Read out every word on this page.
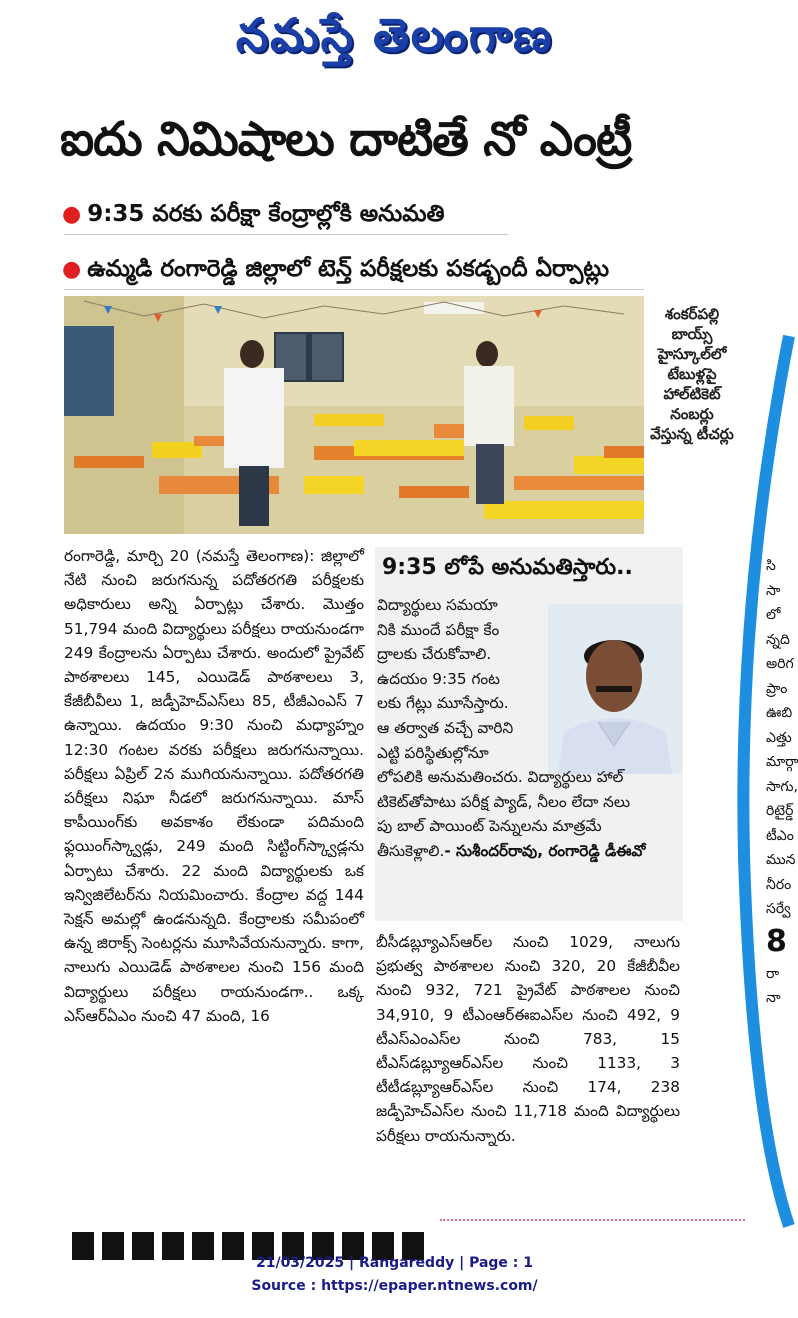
నమస్తే తెలంగాణ
ఐదు నిమిషాలు దాటితే నో ఎంట్రీ
● 9:35 వరకు పరీక్షా కేంద్రాల్లోకి అనుమతి
● ఉమ్మడి రంగారెడ్డి జిల్లాలో టెన్త్ పరీక్షలకు పకడ్బందీ ఏర్పాట్లు
శంకర్‌పల్లి బాయ్స్ హైస్కూల్‌లో టేబుళ్లపై హాల్‌టికెట్ నంబర్లు వేస్తున్న టీచర్లు

రంగారెడ్డి, మార్చి 20 (నమస్తే తెలంగాణ): జిల్లాలో నేటి నుంచి జరుగనున్న పదోతరగతి పరీక్షలకు అధికారులు అన్ని ఏర్పాట్లు చేశారు. మొత్తం 51,794 మంది విద్యార్థులు పరీక్షలు రాయనుండగా 249 కేంద్రాలను ఏర్పాటు చేశారు. అందులో ప్రైవేట్ పాఠశాలలు 145, ఎయిడెడ్ పాఠశాలలు 3, కేజీబీవీలు 1, జడ్పీహెచ్‌ఎస్‌లు 85, టీజీఎంఎస్ 7 ఉన్నాయి. ఉదయం 9:30 నుంచి మధ్యాహ్నం 12:30 గంటల వరకు పరీక్షలు జరుగనున్నాయి. పరీక్షలు ఏప్రిల్ 2న ముగియనున్నాయి. పదోతరగతి పరీక్షలు నిఘా నీడలో జరుగనున్నాయి. మాస్ కాపీయింగ్‌కు అవకాశం లేకుండా పదిమంది ఫ్లయింగ్‌స్క్వాడ్లు, 249 మంది సిట్టింగ్‌స్క్వాడ్లను ఏర్పాటు చేశారు. 22 మంది విద్యార్థులకు ఒక ఇన్విజిలేటర్‌ను నియమించారు. కేంద్రాల వద్ద 144 సెక్షన్ అమల్లో ఉండనున్నది. కేంద్రాలకు సమీపంలో ఉన్న జిరాక్స్ సెంటర్లను మూసివేయనున్నారు. కాగా, నాలుగు ఎయిడెడ్ పాఠశాలల నుంచి 156 మంది విద్యార్థులు పరీక్షలు రాయనుండగా.. ఒక్క ఎస్‌ఆర్‌ఏఎం నుంచి 47 మంది, 16

9:35 లోపే అనుమతిస్తారు..
విద్యార్థులు సమయా
నికి ముందే పరీక్షా కేం
ద్రాలకు చేరుకోవాలి.
ఉదయం 9:35 గంట
లకు గేట్లు మూసేస్తారు.
ఆ తర్వాత వచ్చే వారిని
ఎట్టి పరిస్థితుల్లోనూ
లోపలికి అనుమతించరు. విద్యార్థులు హాల్
టికెట్‌తోపాటు పరీక్ష ప్యాడ్, నీలం లేదా నలు
పు బాల్ పాయింట్ పెన్నులను మాత్రమే
తీసుకెళ్లాలి.- సుశీందర్‌రావు, రంగారెడ్డి డీఈవో

బీసీడబ్ల్యూఎస్‌ఆర్‌ల నుంచి 1029, నాలుగు ప్రభుత్వ పాఠశాలల నుంచి 320, 20 కేజీబీవీల నుంచి 932, 721 ప్రైవేట్ పాఠశాలల నుంచి 34,910, 9 టీఎంఆర్‌ఈఐఎస్‌ల నుంచి 492, 9 టీఎస్‌ఎంఎస్‌ల నుంచి 783, 15 టీఎస్‌డబ్ల్యూఆర్‌ఎస్‌ల నుంచి 1133, 3 టీటీడబ్ల్యూఆర్‌ఎస్‌ల నుంచి 174, 238 జడ్పీహెచ్‌ఎస్‌ల నుంచి 11,718 మంది విద్యార్థులు పరీక్షలు రాయనున్నారు.

సి
సా
లో
న్నది
అరిగ
ప్రాం
ఊబి
ఎత్తు
మార్గా
సాగు,
రిటైర్డ్
టీఎం
మున
నీరం
సర్వే
8
రా
నా
21/03/2025 | Rangareddy | Page : 1
Source : https://epaper.ntnews.com/
